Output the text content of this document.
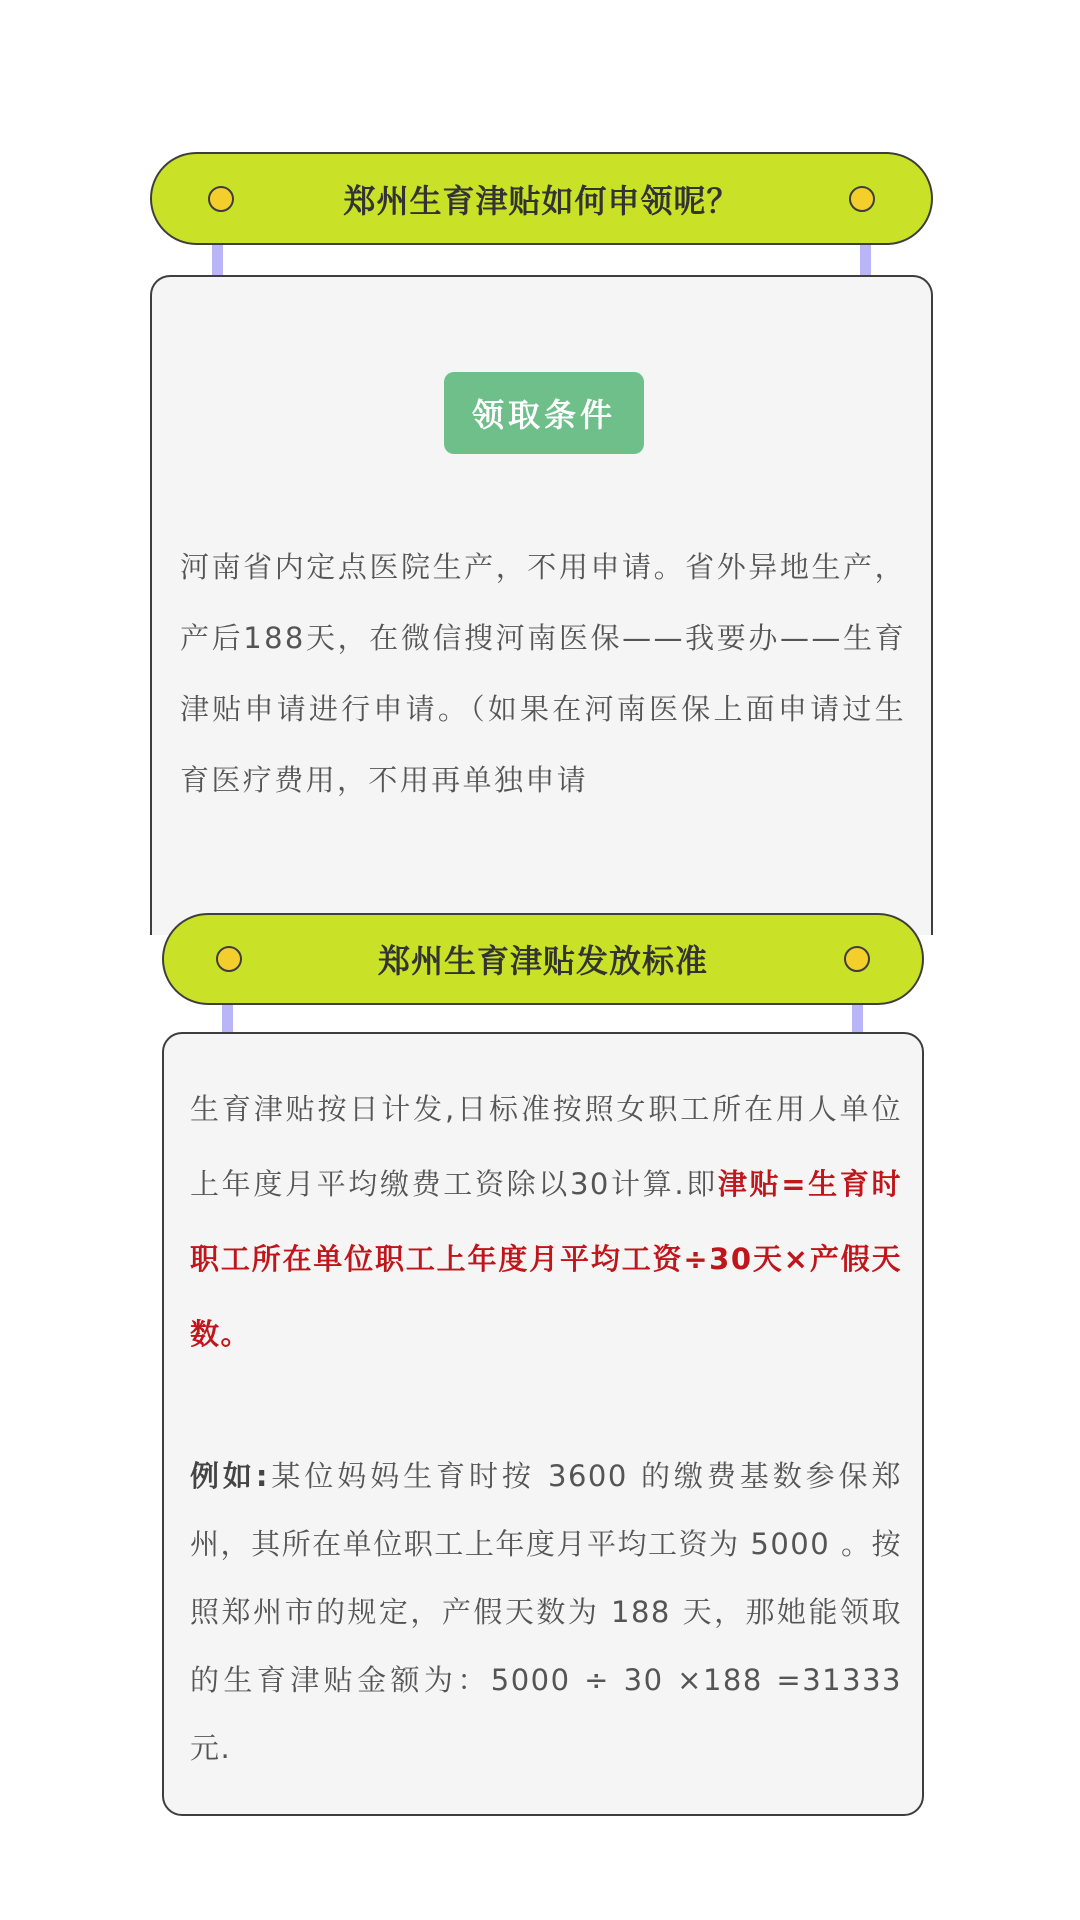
郑州生育津贴如何申领呢？
领取条件
河南省内定点医院生产，不用申请。省外异地生产，产后188天，在微信搜河南医保——我要办——生育津贴申请进行申请。（如果在河南医保上面申请过生育医疗费用，不用再单独申请
郑州生育津贴发放标准
生育津贴按日计发,日标准按照女职工所在用人单位上年度月平均缴费工资除以30计算.即津贴=生育时职工所在单位职工上年度月平均工资÷30天×产假天数。
例如:某位妈妈生育时按 3600 的缴费基数参保郑州，其所在单位职工上年度月平均工资为 5000 。按照郑州市的规定，产假天数为 188 天，那她能领取的生育津贴金额为：5000 ÷ 30 ×188 =31333元.
